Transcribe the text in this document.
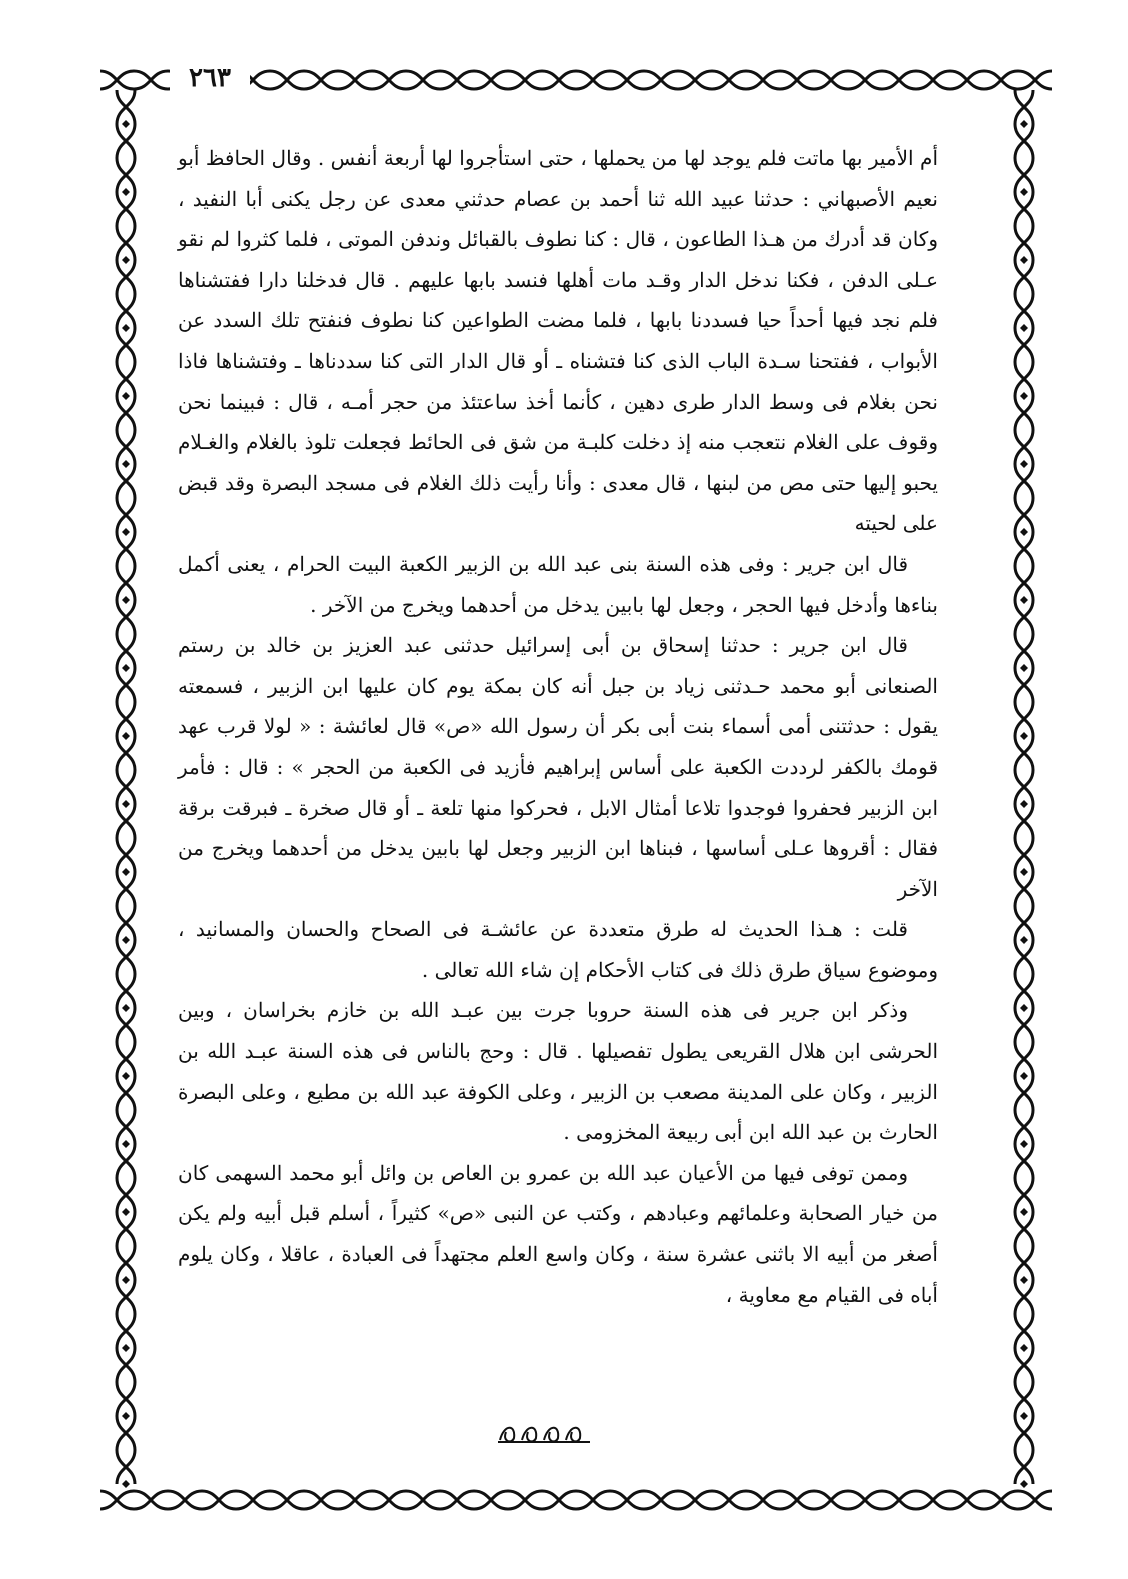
٢٦٣

أم الأمير بها ماتت فلم يوجد لها من يحملها ، حتى استأجروا لها أربعة أنفس . وقال الحافظ أبو نعيم الأصبهاني : حدثنا عبيد الله ثنا أحمد بن عصام حدثني معدى عن رجل يكنى أبا النفيد ، وكان قد أدرك من هـذا الطاعون ، قال : كنا نطوف بالقبائل وندفن الموتى ، فلما كثروا لم نقو عـلى الدفن ، فكنا ندخل الدار وقـد مات أهلها فنسد بابها عليهم . قال فدخلنا دارا ففتشناها فلم نجد فيها أحداً حيا فسددنا بابها ، فلما مضت الطواعين كنا نطوف فنفتح تلك السدد عن الأبواب ، ففتحنا سـدة الباب الذى كنا فتشناه ـ أو قال الدار التى كنا سددناها ـ وفتشناها فاذا نحن بغلام فى وسط الدار طرى دهين ، كأنما أخذ ساعتئذ من حجر أمـه ، قال : فبينما نحن وقوف على الغلام نتعجب منه إذ دخلت كلبـة من شق فى الحائط فجعلت تلوذ بالغلام والغـلام يحبو إليها حتى مص من لبنها ، قال معدى : وأنا رأيت ذلك الغلام فى مسجد البصرة وقد قبض على لحيته

قال ابن جرير : وفى هذه السنة بنى عبد الله بن الزبير الكعبة البيت الحرام ، يعنى أكمل بناءها وأدخل فيها الحجر ، وجعل لها بابين يدخل من أحدهما ويخرج من الآخر .

قال ابن جرير : حدثنا إسحاق بن أبى إسرائيل حدثنى عبد العزيز بن خالد بن رستم الصنعانى أبو محمد حـدثنى زياد بن جبل أنه كان بمكة يوم كان عليها ابن الزبير ، فسمعته يقول : حدثتنى أمى أسماء بنت أبى بكر أن رسول الله «ص» قال لعائشة : « لولا قرب عهد قومك بالكفر لرددت الكعبة على أساس إبراهيم فأزيد فى الكعبة من الحجر » : قال : فأمر ابن الزبير فحفروا فوجدوا تلاعا أمثال الابل ، فحركوا منها تلعة ـ أو قال صخرة ـ فبرقت برقة فقال : أقروها عـلى أساسها ، فبناها ابن الزبير وجعل لها بابين يدخل من أحدهما ويخرج من الآخر

قلت : هـذا الحديث له طرق متعددة عن عائشـة فى الصحاح والحسان والمسانيد ، وموضوع سياق طرق ذلك فى كتاب الأحكام إن شاء الله تعالى .

وذكر ابن جرير فى هذه السنة حروبا جرت بين عبـد الله بن خازم بخراسان ، وبين الحرشى ابن هلال القريعى يطول تفصيلها . قال : وحج بالناس فى هذه السنة عبـد الله بن الزبير ، وكان على المدينة مصعب بن الزبير ، وعلى الكوفة عبد الله بن مطيع ، وعلى البصرة الحارث بن عبد الله ابن أبى ربيعة المخزومى .

وممن توفى فيها من الأعيان عبد الله بن عمرو بن العاص بن وائل أبو محمد السهمى كان من خيار الصحابة وعلمائهم وعبادهم ، وكتب عن النبى «ص» كثيراً ، أسلم قبل أبيه ولم يكن أصغر من أبيه الا باثنى عشرة سنة ، وكان واسع العلم مجتهداً فى العبادة ، عاقلا ، وكان يلوم أباه فى القيام مع معاوية ،
